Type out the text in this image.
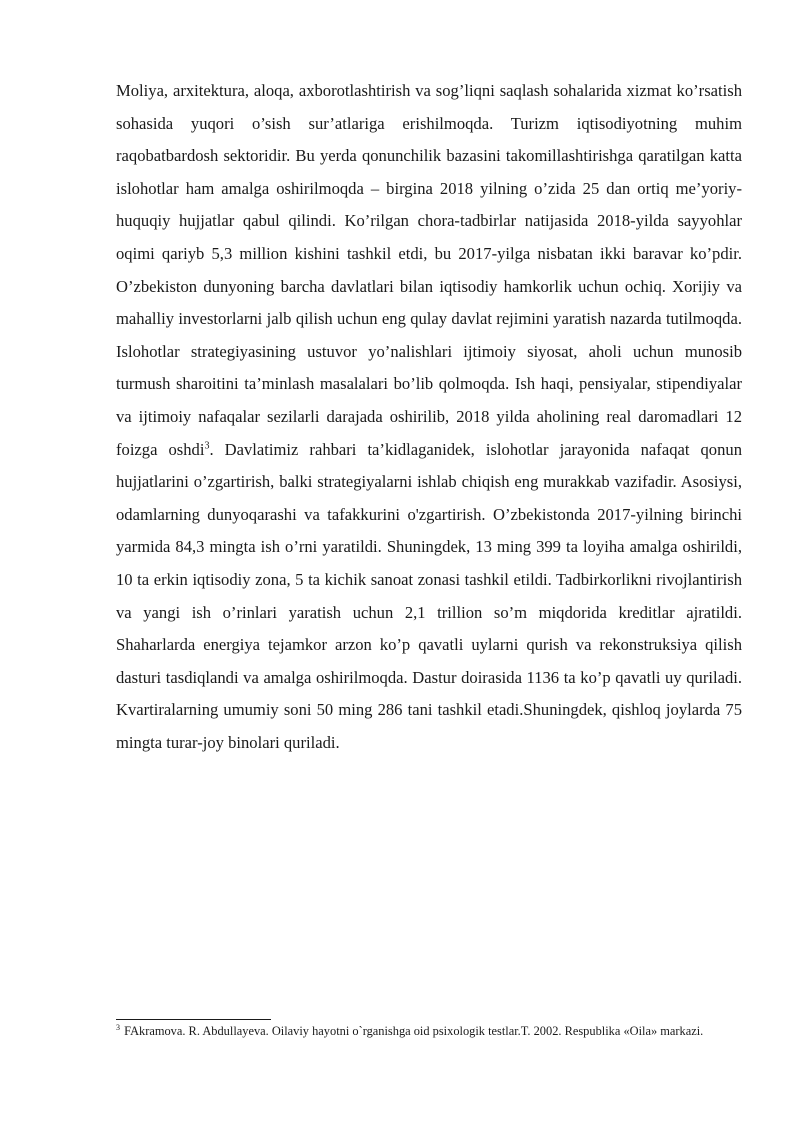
Moliya, arxitektura, aloqa, axborotlashtirish va sog’liqni saqlash sohalarida xizmat ko’rsatish sohasida yuqori o’sish sur’atlariga erishilmoqda. Turizm iqtisodiyotning muhim raqobatbardosh sektoridir. Bu yerda qonunchilik bazasini takomillashtirishga qaratilgan katta islohotlar ham amalga oshirilmoqda – birgina 2018 yilning o’zida 25 dan ortiq me’yoriy-huquqiy hujjatlar qabul qilindi. Ko’rilgan chora-tadbirlar natijasida 2018-yilda sayyohlar oqimi qariyb 5,3 million kishini tashkil etdi, bu 2017-yilga nisbatan ikki baravar ko’pdir. O’zbekiston dunyoning barcha davlatlari bilan iqtisodiy hamkorlik uchun ochiq. Xorijiy va mahalliy investorlarni jalb qilish uchun eng qulay davlat rejimini yaratish nazarda tutilmoqda. Islohotlar strategiyasining ustuvor yo’nalishlari ijtimoiy siyosat, aholi uchun munosib turmush sharoitini ta’minlash masalalari bo’lib qolmoqda. Ish haqi, pensiyalar, stipendiyalar va ijtimoiy nafaqalar sezilarli darajada oshirilib, 2018 yilda aholining real daromadlari 12 foizga oshdi$^3$. Davlatimiz rahbari ta’kidlaganidek, islohotlar jarayonida nafaqat qonun hujjatlarini o’zgartirish, balki strategiyalarni ishlab chiqish eng murakkab vazifadir. Asosiysi, odamlarning dunyoqarashi va tafakkurini o'zgartirish. O’zbekistonda 2017-yilning birinchi yarmida 84,3 mingta ish o’rni yaratildi. Shuningdek, 13 ming 399 ta loyiha amalga oshirildi, 10 ta erkin iqtisodiy zona, 5 ta kichik sanoat zonasi tashkil etildi. Tadbirkorlikni rivojlantirish va yangi ish o’rinlari yaratish uchun 2,1 trillion so’m miqdorida kreditlar ajratildi. Shaharlarda energiya tejamkor arzon ko’p qavatli uylarni qurish va rekonstruksiya qilish dasturi tasdiqlandi va amalga oshirilmoqda. Dastur doirasida 1136 ta ko’p qavatli uy quriladi. Kvartiralarning umumiy soni 50 ming 286 tani tashkil etadi.Shuningdek, qishloq joylarda 75 mingta turar-joy binolari quriladi.

$^3$ FAkramova. R. Abdullayeva. Oilaviy hayotni o`rganishga oid psixologik testlar.T. 2002. Respublika «Oila» markazi.
